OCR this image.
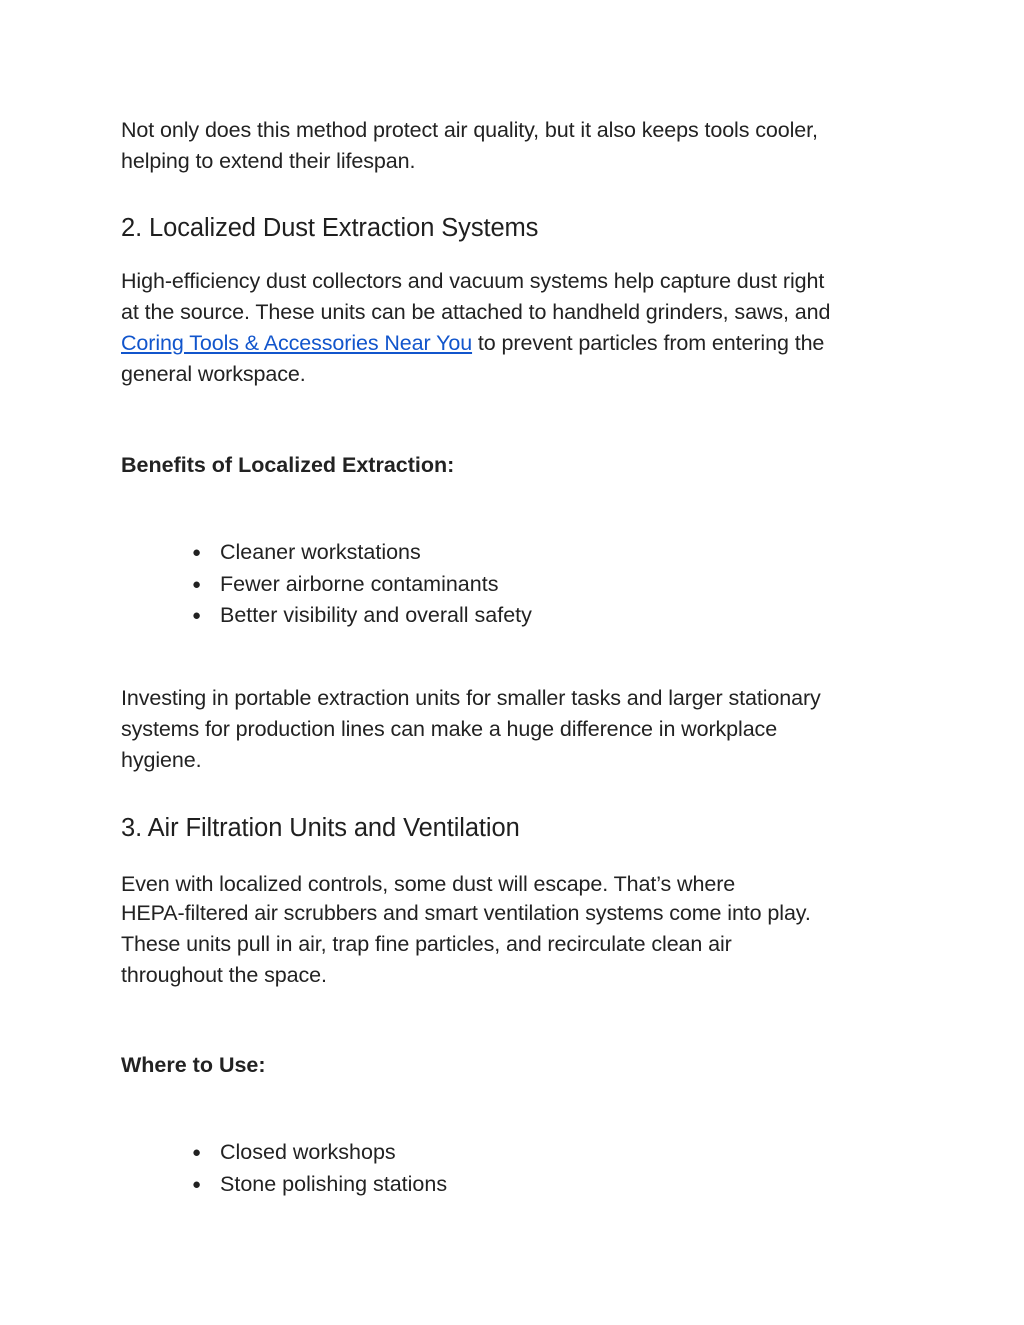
Not only does this method protect air quality, but it also keeps tools cooler,
helping to extend their lifespan.

2. Localized Dust Extraction Systems

High-efficiency dust collectors and vacuum systems help capture dust right
at the source. These units can be attached to handheld grinders, saws, and
Coring Tools & Accessories Near You to prevent particles from entering the
general workspace.

Benefits of Localized Extraction:
● Cleaner workstations
● Fewer airborne contaminants
● Better visibility and overall safety

Investing in portable extraction units for smaller tasks and larger stationary
systems for production lines can make a huge difference in workplace
hygiene.

3. Air Filtration Units and Ventilation

Even with localized controls, some dust will escape. That’s where
HEPA-filtered air scrubbers and smart ventilation systems come into play.
These units pull in air, trap fine particles, and recirculate clean air
throughout the space.

Where to Use:
● Closed workshops
● Stone polishing stations
